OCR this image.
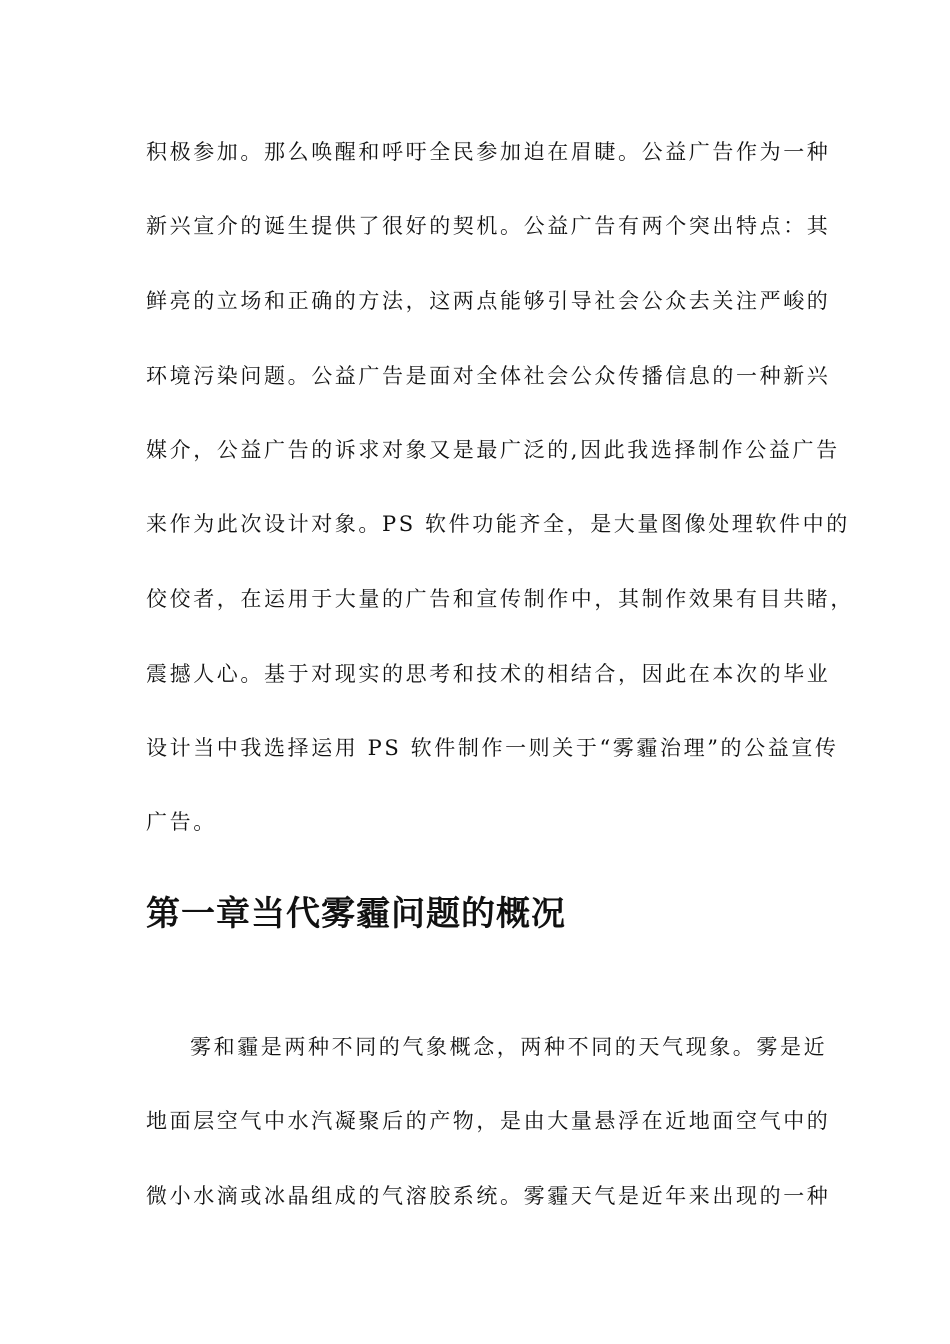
积极参加。那么唤醒和呼吁全民参加迫在眉睫。公益广告作为一种
新兴宣介的诞生提供了很好的契机。公益广告有两个突出特点：其
鲜亮的立场和正确的方法，这两点能够引导社会公众去关注严峻的
环境污染问题。公益广告是面对全体社会公众传播信息的一种新兴
媒介，公益广告的诉求对象又是最广泛的,因此我选择制作公益广告
来作为此次设计对象。PS 软件功能齐全，是大量图像处理软件中的
佼佼者，在运用于大量的广告和宣传制作中，其制作效果有目共睹，
震撼人心。基于对现实的思考和技术的相结合，因此在本次的毕业
设计当中我选择运用 PS 软件制作一则关于“雾霾治理”的公益宣传
广告。
第一章当代雾霾问题的概况
雾和霾是两种不同的气象概念，两种不同的天气现象。雾是近
地面层空气中水汽凝聚后的产物，是由大量悬浮在近地面空气中的
微小水滴或冰晶组成的气溶胶系统。雾霾天气是近年来出现的一种
